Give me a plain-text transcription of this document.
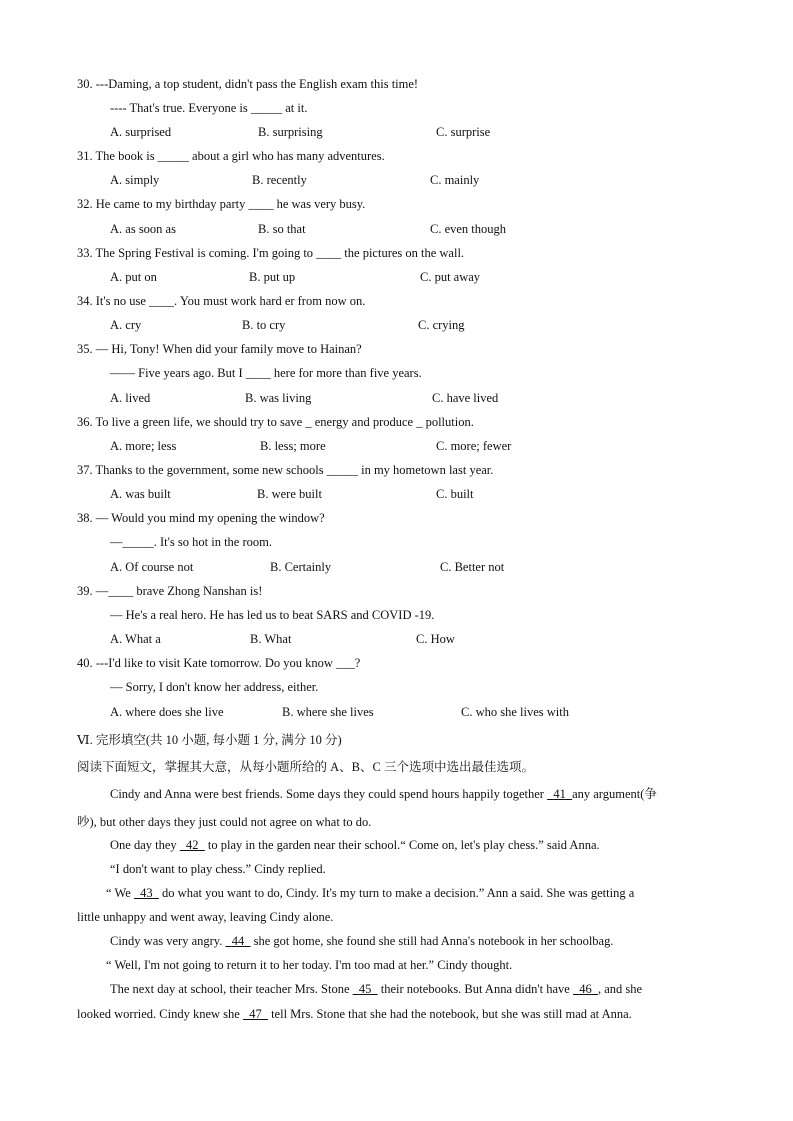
30. ---Daming, a top student, didn't pass the English exam this time!
---- That's true. Everyone is _____ at it.
A. surprised	B. surprising	C. surprise
31. The book is _____ about a girl who has many adventures.
A. simply	B. recently	C. mainly
32. He came to my birthday party ____ he was very busy.
A. as soon as	B. so that	C. even though
33. The Spring Festival is coming. I'm going to ____ the pictures on the wall.
A. put on	B. put up	C. put away
34. It's no use ____. You must work hard er from now on.
A. cry	B. to cry	C. crying
35. — Hi, Tony! When did your family move to Hainan?
—— Five years ago. But I ____ here for more than five years.
A. lived	B. was living	C. have lived
36. To live a green life, we should try to save _ energy and produce _ pollution.
A. more; less	B. less; more	C. more; fewer
37. Thanks to the government, some new schools _____ in my hometown last year.
A. was built	B. were built	C. built
38. — Would you mind my opening the window?
—_____. It's so hot in the room.
A. Of course not	B. Certainly	C. Better not
39. —____ brave Zhong Nanshan is!
— He's a real hero. He has led us to beat SARS and COVID -19.
A. What a	B. What	C. How
40. ---I'd like to visit Kate tomorrow. Do you know ___?
— Sorry, I don't know her address, either.
A. where does she live	B. where she lives	C. who she lives with
Ⅵ. 完形填空(共 10 小题, 每小题 1 分, 满分 10 分)
阅读下面短文，掌握其大意，从每小题所给的 A、B、C 三个选项中选出最佳选项。
Cindy and Anna were best friends. Some days they could spend hours happily together 41 any argument(争
吵), but other days they just could not agree on what to do.
One day they 42 to play in the garden near their school.“ Come on, let's play chess.” said Anna.
“I don't want to play chess.” Cindy replied.
“ We 43 do what you want to do, Cindy. It's my turn to make a decision.” Ann a said. She was getting a
little unhappy and went away, leaving Cindy alone.
Cindy was very angry. 44 she got home, she found she still had Anna's notebook in her schoolbag.
“ Well, I'm not going to return it to her today. I'm too mad at her.” Cindy thought.
The next day at school, their teacher Mrs. Stone 45 their notebooks. But Anna didn't have 46 , and she
looked worried. Cindy knew she 47 tell Mrs. Stone that she had the notebook, but she was still mad at Anna.
